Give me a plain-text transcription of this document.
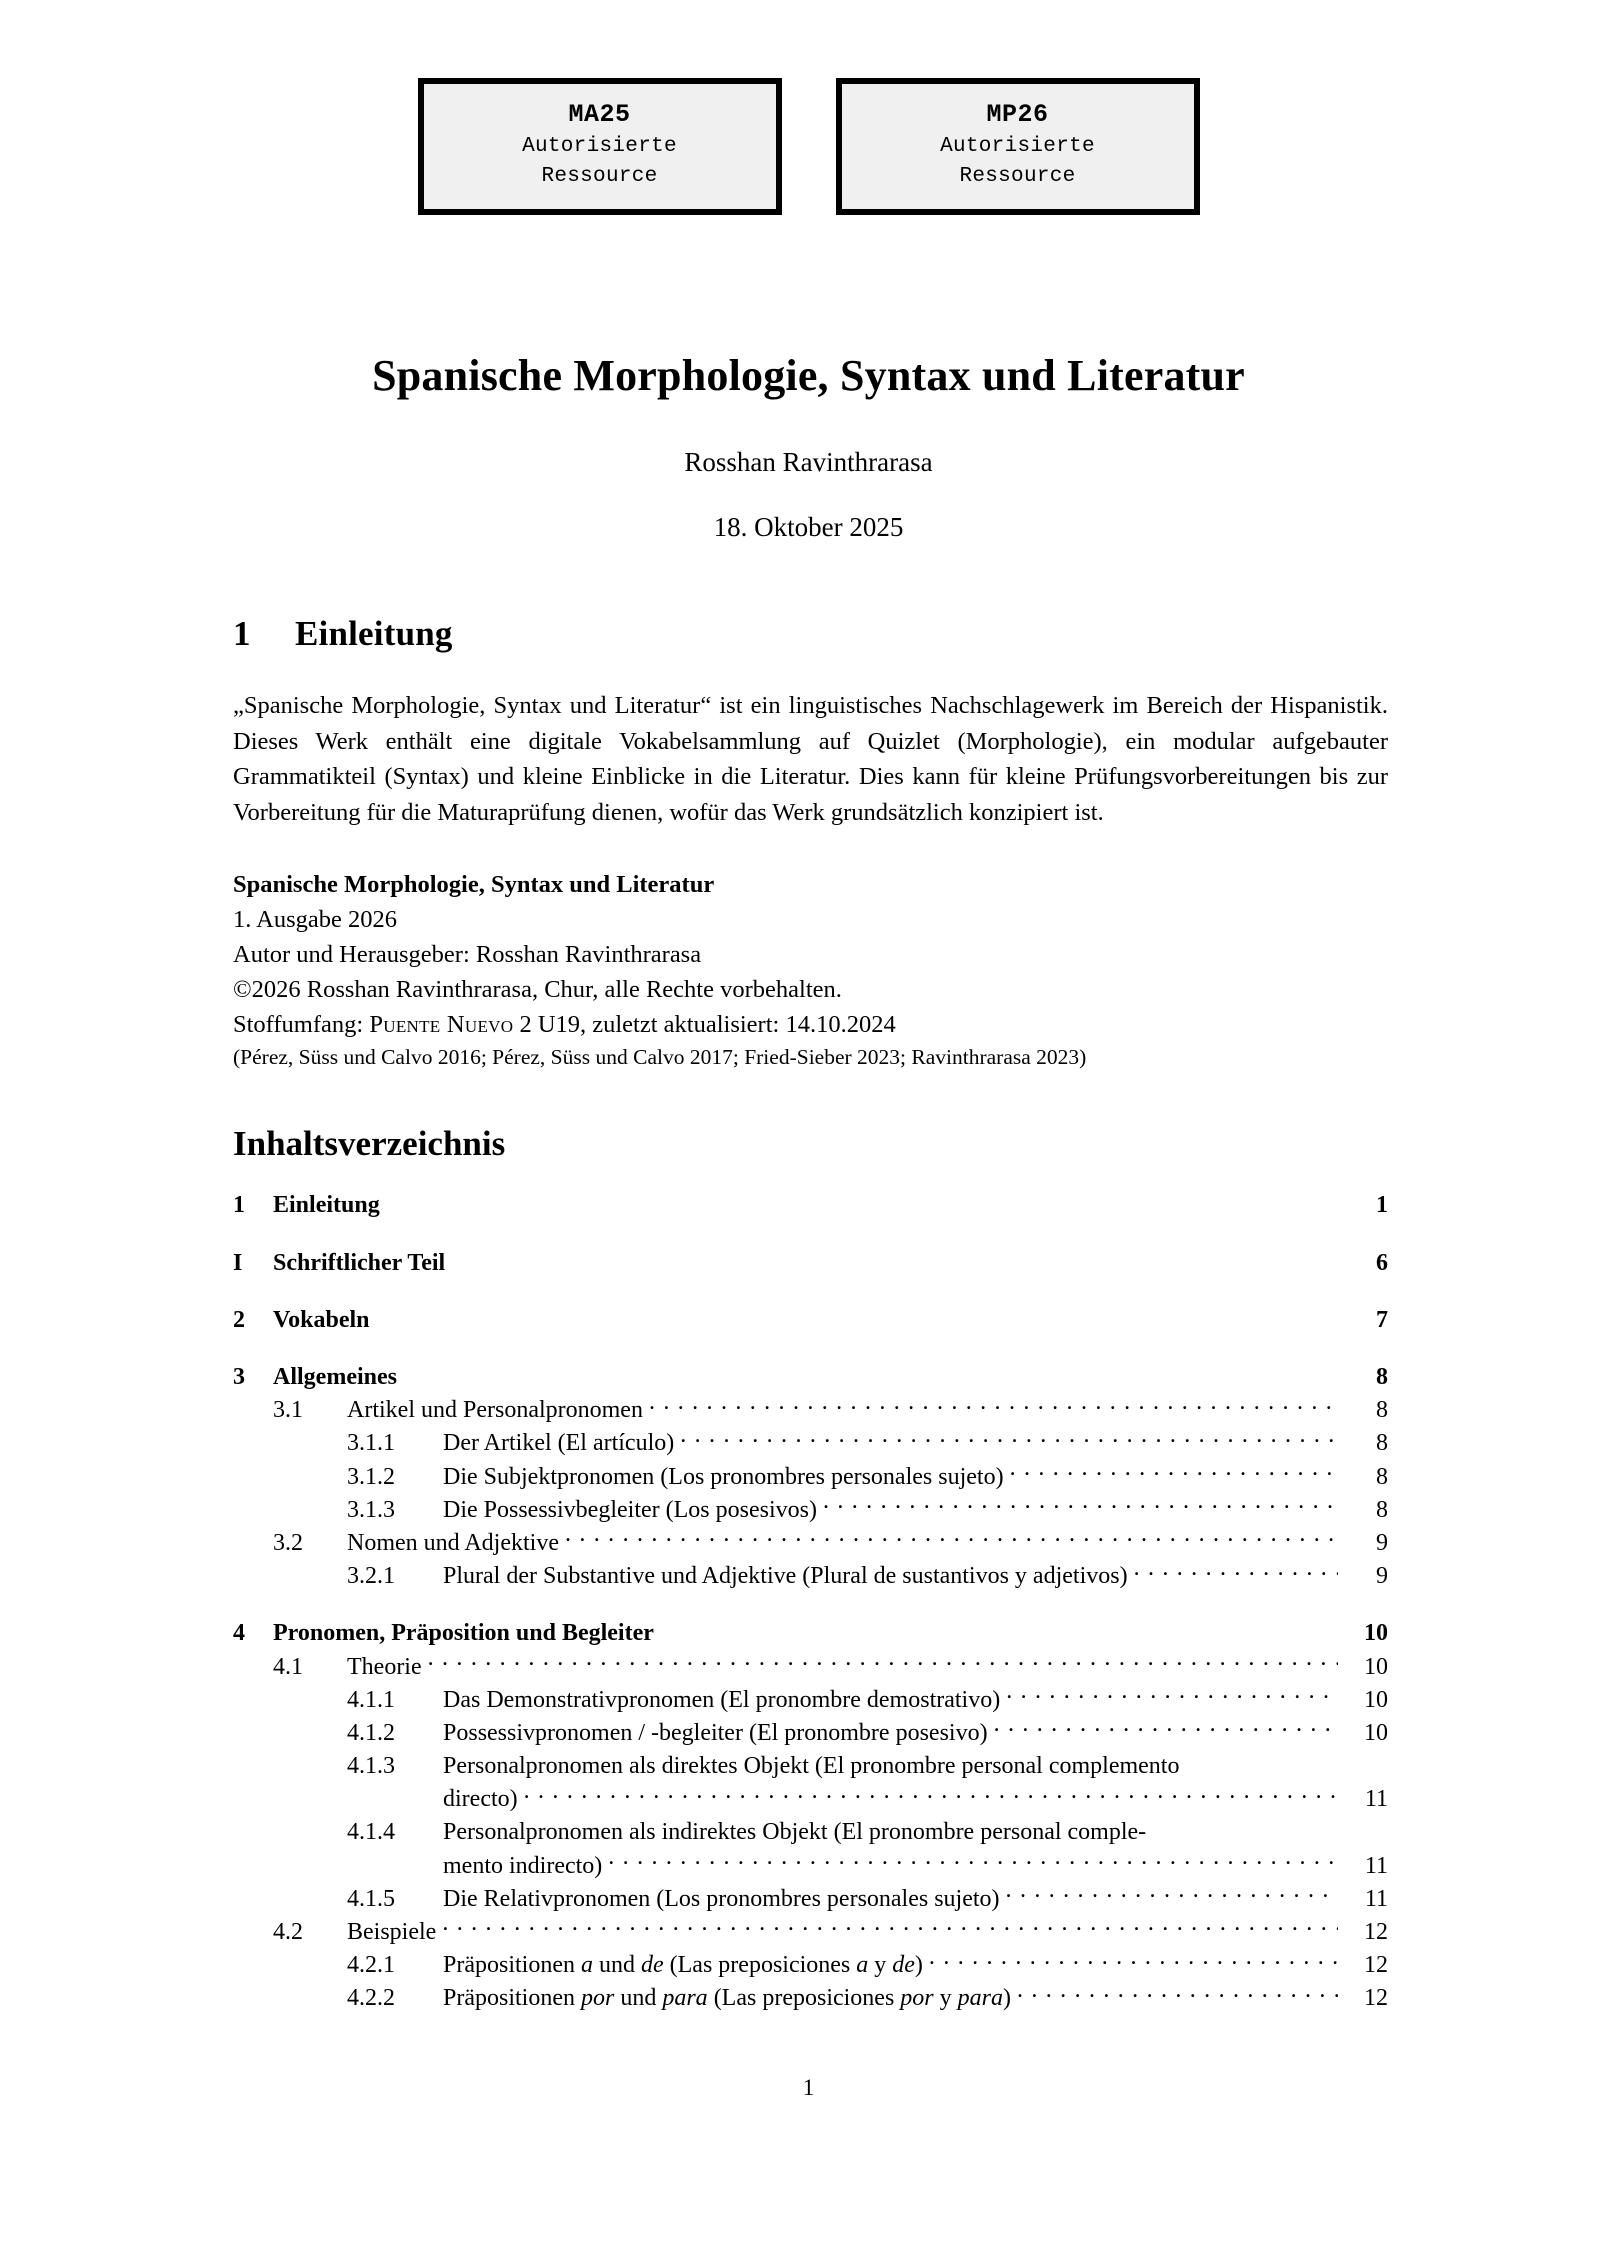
MA25
Autorisierte
Ressource
MP26
Autorisierte
Ressource
Spanische Morphologie, Syntax und Literatur
Rosshan Ravinthrarasa
18. Oktober 2025
1 Einleitung

„Spanische Morphologie, Syntax und Literatur“ ist ein linguistisches Nachschlagewerk im Bereich der Hispanistik. Dieses Werk enthält eine digitale Vokabelsammlung auf Quizlet (Morphologie), ein modular aufgebauter Grammatikteil (Syntax) und kleine Einblicke in die Literatur. Dies kann für kleine Prüfungsvorbereitungen bis zur Vorbereitung für die Maturaprüfung dienen, wofür das Werk grundsätzlich konzipiert ist.

Spanische Morphologie, Syntax und Literatur
1. Ausgabe 2026
Autor und Herausgeber: Rosshan Ravinthrarasa
©2026 Rosshan Ravinthrarasa, Chur, alle Rechte vorbehalten.
Stoffumfang: Puente Nuevo 2 U19, zuletzt aktualisiert: 14.10.2024
(Pérez, Süss und Calvo 2016; Pérez, Süss und Calvo 2017; Fried-Sieber 2023; Ravinthrarasa 2023)
Inhaltsverzeichnis
1	Einleitung	1
I	Schriftlicher Teil	6
2	Vokabeln	7
3	Allgemeines	8
3.1	Artikel und Personalpronomen . . .	8
3.1.1	Der Artikel (El artículo) . . .	8
3.1.2	Die Subjektpronomen (Los pronombres personales sujeto) . . .	8
3.1.3	Die Possessivbegleiter (Los posesivos) . . .	8
3.2	Nomen und Adjektive . . .	9
3.2.1	Plural der Substantive und Adjektive (Plural de sustantivos y adjetivos) . . .	9
4	Pronomen, Präposition und Begleiter	10
4.1	Theorie . . .	10
4.1.1	Das Demonstrativpronomen (El pronombre demostrativo) . . .	10
4.1.2	Possessivpronomen / -begleiter (El pronombre posesivo) . . .	10
4.1.3	Personalpronomen als direktes Objekt (El pronombre personal complemento
directo) . . .	11
4.1.4	Personalpronomen als indirektes Objekt (El pronombre personal comple-
mento indirecto) . . .	11
4.1.5	Die Relativpronomen (Los pronombres personales sujeto) . . .	11
4.2	Beispiele . . .	12
4.2.1	Präpositionen a und de (Las preposiciones a y de) . . .	12
4.2.2	Präpositionen por und para (Las preposiciones por y para) . . .	12
1
